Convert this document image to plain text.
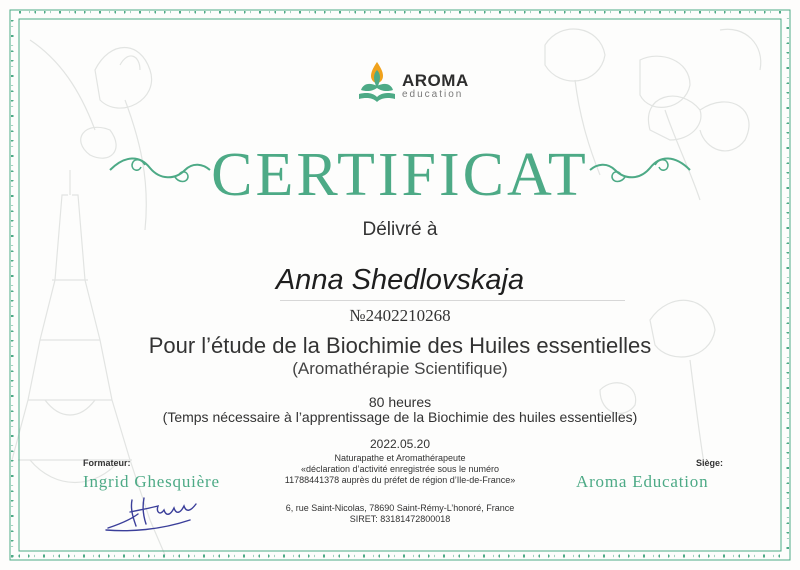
AROMA
education
CERTIFICAT
Délivré à
Anna Shedlovskaja
№2402210268
Pour l’étude de la Biochimie des Huiles essentielles
(Aromathérapie Scientifique)
80 heures
(Temps nécessaire à l’apprentissage de la Biochimie des huiles essentielles)
2022.05.20
Naturapathe et Aromathérapeute
«déclaration d’activité enregistrée sous le numéro
11788441378 auprès du préfet de région d’Ile-de-France»
6, rue Saint-Nicolas, 78690 Saint-Rémy-L’honoré, France
SIRET: 83181472800018
Formateur:
Ingrid Ghesquière
Siège:
Aroma Education
